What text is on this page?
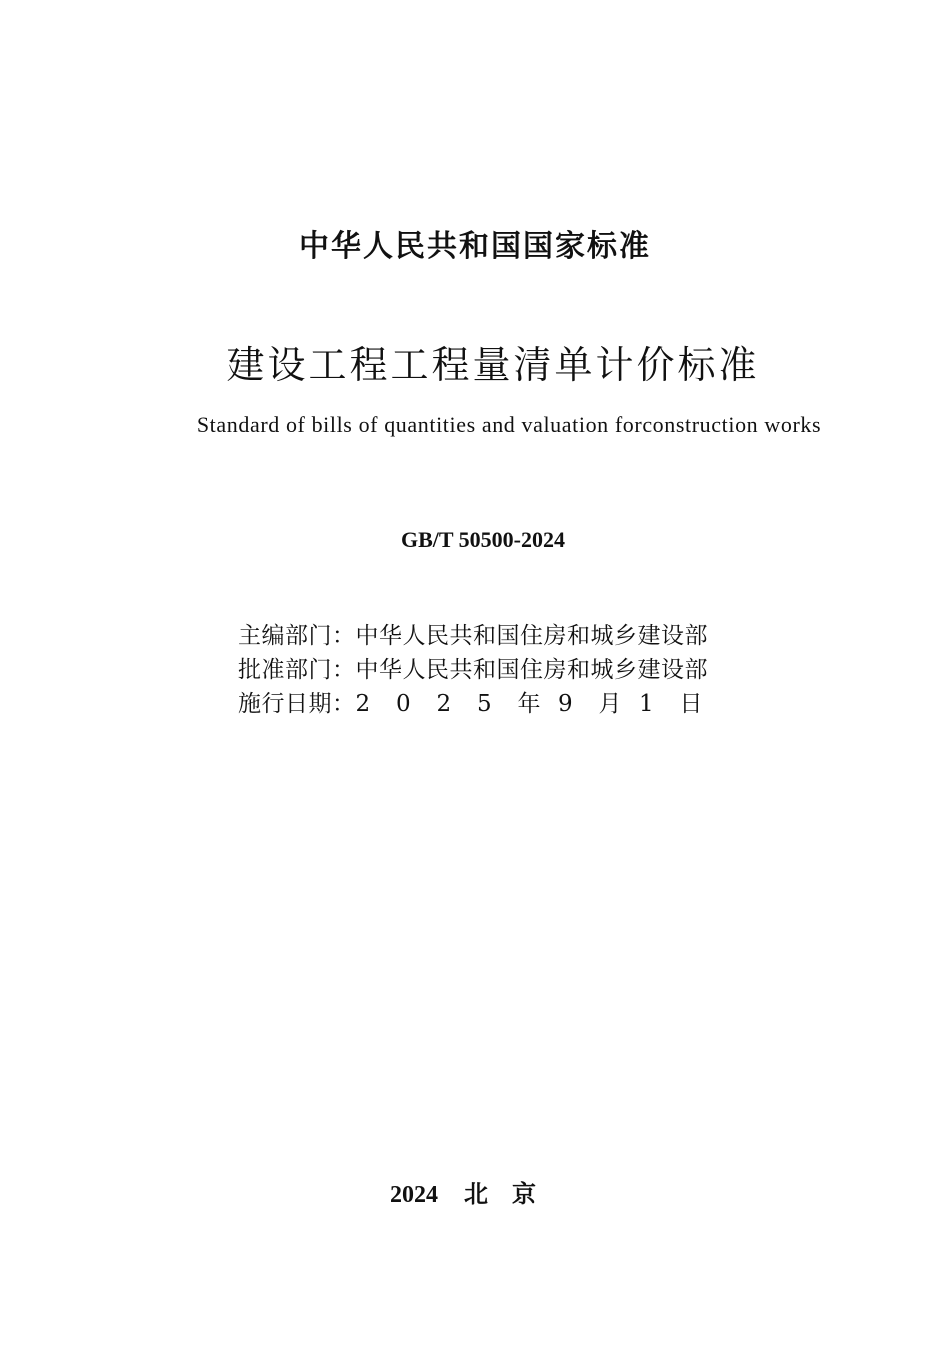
中华人民共和国国家标准
建设工程工程量清单计价标准
Standard of bills of quantities and valuation forconstruction works
GB/T 50500-2024
主编部门：中华人民共和国住房和城乡建设部
批准部门：中华人民共和国住房和城乡建设部
施行日期：2 0 2 5 年 9 月 1 日
2024 北京
